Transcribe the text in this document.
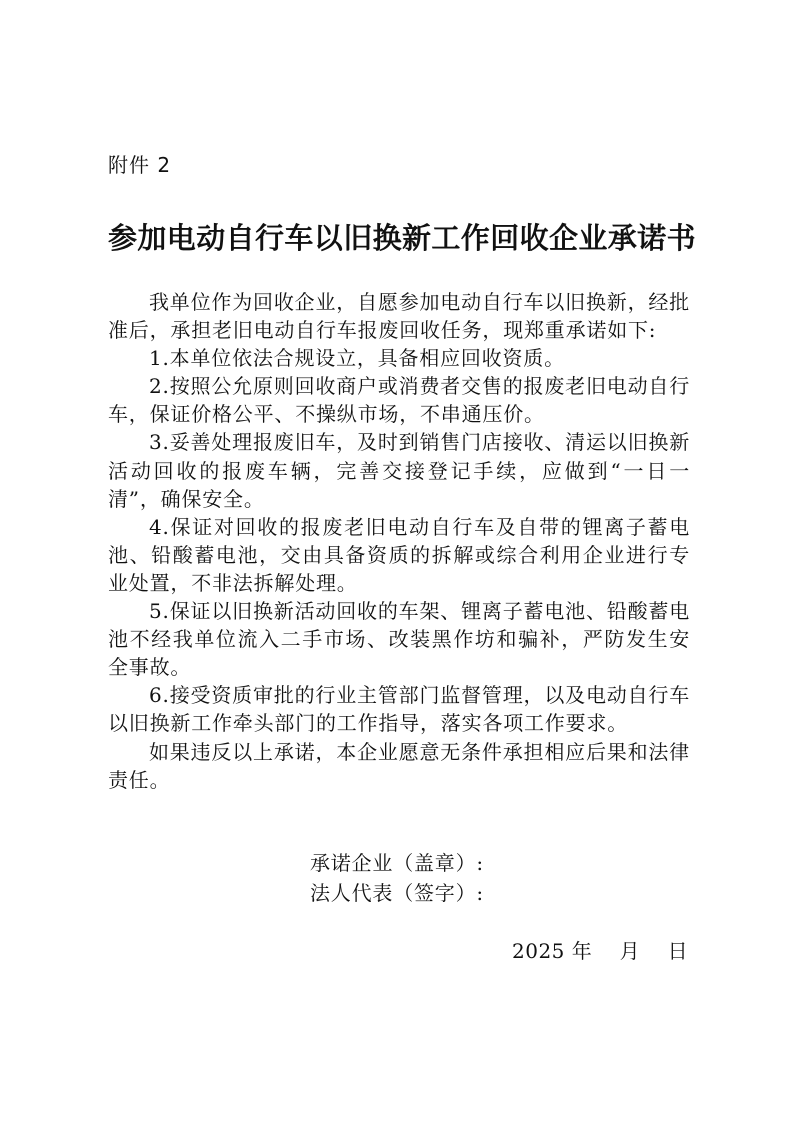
附件 2
参加电动自行车以旧换新工作回收企业承诺书

我单位作为回收企业，自愿参加电动自行车以旧换新，经批准后，承担老旧电动自行车报废回收任务，现郑重承诺如下:

1.本单位依法合规设立，具备相应回收资质。

2.按照公允原则回收商户或消费者交售的报废老旧电动自行车，保证价格公平、不操纵市场，不串通压价。

3.妥善处理报废旧车，及时到销售门店接收、清运以旧换新活动回收的报废车辆，完善交接登记手续，应做到“一日一清”，确保安全。

4.保证对回收的报废老旧电动自行车及自带的锂离子蓄电池、铅酸蓄电池，交由具备资质的拆解或综合利用企业进行专业处置，不非法拆解处理。

5.保证以旧换新活动回收的车架、锂离子蓄电池、铅酸蓄电池不经我单位流入二手市场、改装黑作坊和骗补，严防发生安全事故。

6.接受资质审批的行业主管部门监督管理，以及电动自行车以旧换新工作牵头部门的工作指导，落实各项工作要求。

如果违反以上承诺，本企业愿意无条件承担相应后果和法律责任。

承诺企业（盖章）:
法人代表（签字）:
2025 年    月    日
